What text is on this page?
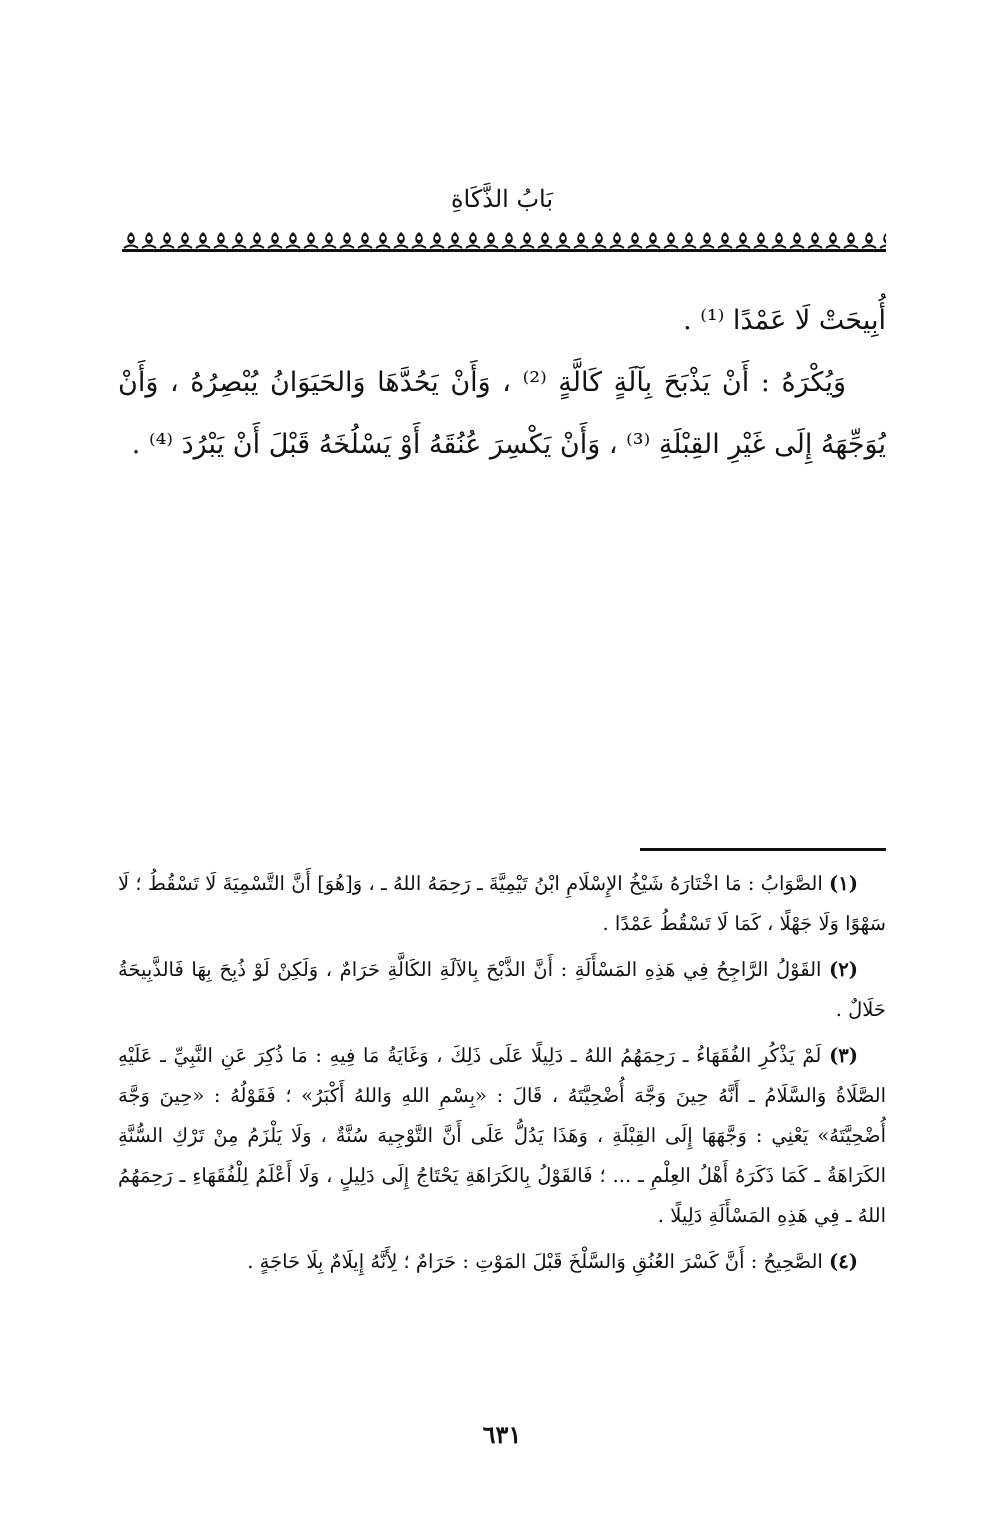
بَابُ الذَّكَاةِ

أُبِيحَتْ لَا عَمْدًا ⁽¹⁾ .

وَيُكْرَهُ : أَنْ يَذْبَحَ بِآلَةٍ كَالَّةٍ ⁽²⁾ ، وَأَنْ يَحُدَّهَا وَالحَيَوَانُ يُبْصِرُهُ ، وَأَنْ يُوَجِّهَهُ إِلَى غَيْرِ القِبْلَةِ ⁽³⁾ ، وَأَنْ يَكْسِرَ عُنُقَهُ أَوْ يَسْلُخَهُ قَبْلَ أَنْ يَبْرُدَ ⁽⁴⁾ .

(١) الصَّوَابُ : مَا اخْتَارَهُ شَيْخُ الإِسْلَامِ ابْنُ تَيْمِيَّةَ ـ رَحِمَهُ اللهُ ـ ، وَ[هُوَ] أَنَّ التَّسْمِيَةَ لَا تَسْقُطُ ؛ لَا سَهْوًا وَلَا جَهْلًا ، كَمَا لَا تَسْقُطُ عَمْدًا .

(٢) القَوْلُ الرَّاجِحُ فِي هَذِهِ المَسْأَلَةِ : أَنَّ الذَّبْحَ بِالآلَةِ الكَالَّةِ حَرَامٌ ، وَلَكِنْ لَوْ ذُبِحَ بِهَا فَالذَّبِيحَةُ حَلَالٌ .

(٣) لَمْ يَذْكُرِ الفُقَهَاءُ ـ رَحِمَهُمُ اللهُ ـ دَلِيلًا عَلَى ذَلِكَ ، وَغَايَةُ مَا فِيهِ : مَا ذُكِرَ عَنِ النَّبِيِّ ـ عَلَيْهِ الصَّلَاةُ وَالسَّلَامُ ـ أَنَّهُ حِينَ وَجَّهَ أُضْحِيَّتَهُ ، قَالَ : «بِسْمِ اللهِ وَاللهُ أَكْبَرُ» ؛ فَقَوْلُهُ : «حِينَ وَجَّهَ أُضْحِيَّتَهُ» يَعْنِي : وَجَّهَهَا إِلَى القِبْلَةِ ، وَهَذَا يَدُلُّ عَلَى أَنَّ التَّوْجِيهَ سُنَّةٌ ، وَلَا يَلْزَمُ مِنْ تَرْكِ السُّنَّةِ الكَرَاهَةُ ـ كَمَا ذَكَرَهُ أَهْلُ العِلْمِ ـ ... ؛ فَالقَوْلُ بِالكَرَاهَةِ يَحْتَاجُ إِلَى دَلِيلٍ ، وَلَا أَعْلَمُ لِلْفُقَهَاءِ ـ رَحِمَهُمُ اللهُ ـ فِي هَذِهِ المَسْأَلَةِ دَلِيلًا .

(٤) الصَّحِيحُ : أَنَّ كَسْرَ العُنُقِ وَالسَّلْخَ قَبْلَ المَوْتِ : حَرَامٌ ؛ لِأَنَّهُ إِيلَامٌ بِلَا حَاجَةٍ .

٦٣١
